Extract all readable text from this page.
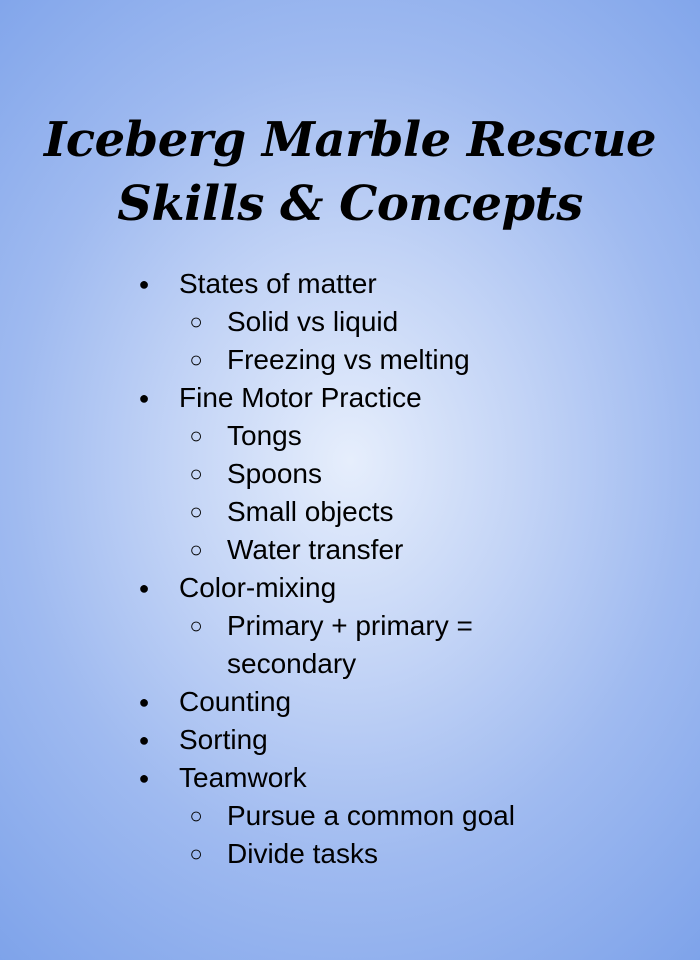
Iceberg Marble Rescue
Skills & Concepts
● States of matter
○ Solid vs liquid
○ Freezing vs melting
● Fine Motor Practice
○ Tongs
○ Spoons
○ Small objects
○ Water transfer
● Color-mixing
○ Primary + primary =
secondary
● Counting
● Sorting
● Teamwork
○ Pursue a common goal
○ Divide tasks
